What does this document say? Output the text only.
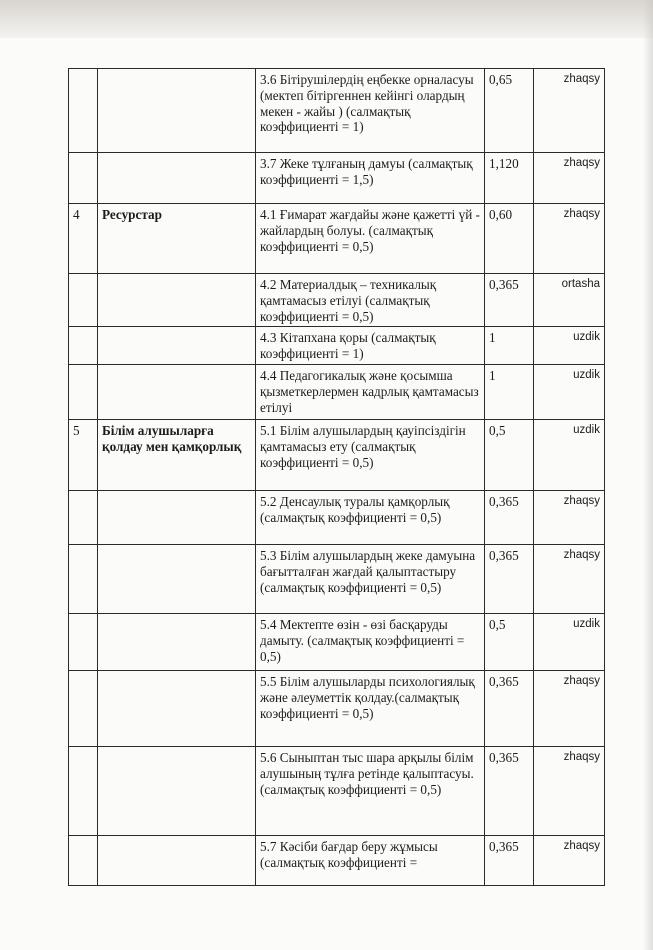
		3.6 Бітірушілердің еңбекке орналасуы (мектеп бітіргеннен кейінгі олардың мекен - жайы ) (салмақтық коэффициенті = 1)	0,65	zhaqsy
		3.7 Жеке тұлғаның дамуы (салмақтық коэффициенті = 1,5)	1,120	zhaqsy
4	Ресурстар	4.1 Ғимарат жағдайы және қажетті үй - жайлардың болуы. (салмақтық коэффициенті = 0,5)	0,60	zhaqsy
		4.2 Материалдық – техникалық қамтамасыз етілуі (салмақтық коэффициенті = 0,5)	0,365	ortasha
		4.3 Кітапхана қоры (салмақтық коэффициенті = 1)	1	uzdik
		4.4 Педагогикалық және қосымша қызметкерлермен кадрлық қамтамасыз етілуі	1	uzdik
5	Білім алушыларға қолдау мен қамқорлық	5.1 Білім алушылардың қауіпсіздігін қамтамасыз ету (салмақтық коэффициенті = 0,5)	0,5	uzdik
		5.2 Денсаулық туралы қамқорлық (салмақтық коэффициенті = 0,5)	0,365	zhaqsy
		5.3 Білім алушылардың жеке дамуына бағытталған жағдай қалыптастыру (салмақтық коэффициенті = 0,5)	0,365	zhaqsy
		5.4 Мектепте өзін - өзі басқаруды дамыту. (салмақтық коэффициенті = 0,5)	0,5	uzdik
		5.5 Білім алушыларды психологиялық және әлеуметтік қолдау.(салмақтық коэффициенті = 0,5)	0,365	zhaqsy
		5.6 Сыныптан тыс шара арқылы білім алушының тұлға ретінде қалыптасуы. (салмақтық коэффициенті = 0,5)	0,365	zhaqsy
		5.7 Кәсіби бағдар беру жұмысы (салмақтық коэффициенті =	0,365	zhaqsy
